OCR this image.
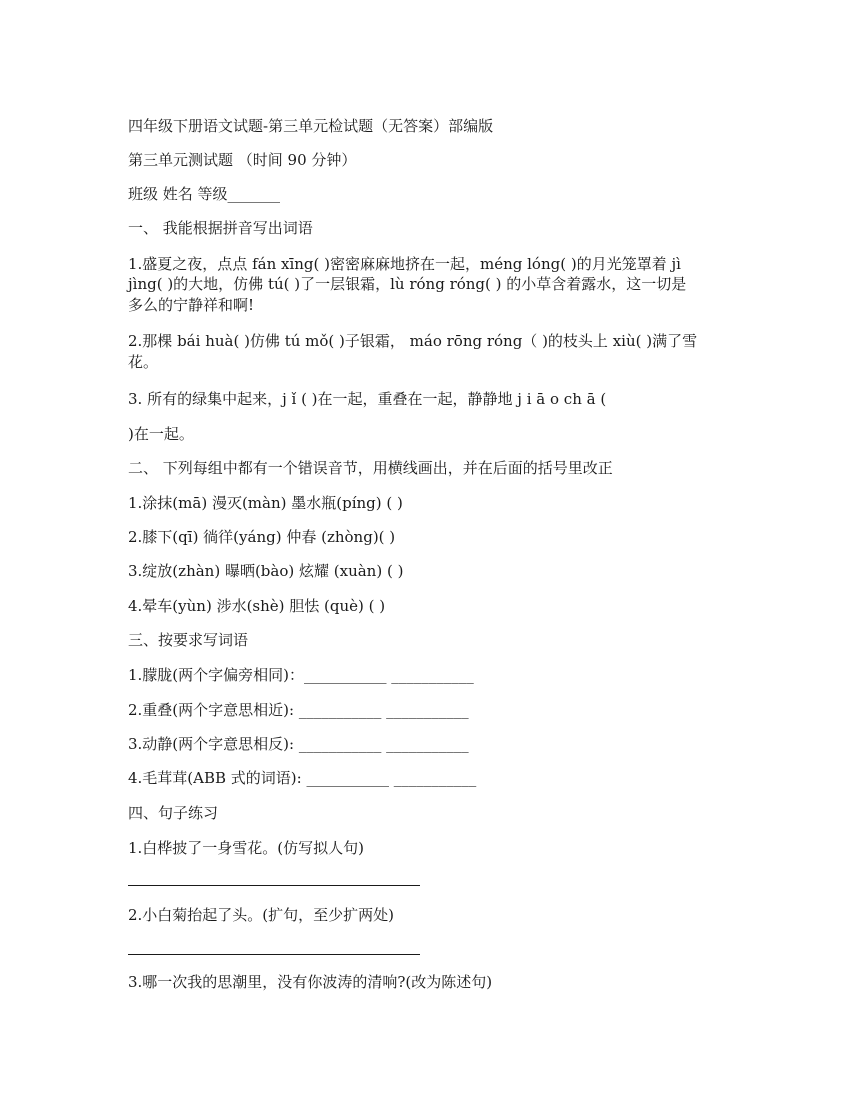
四年级下册语文试题-第三单元检试题（无答案）部编版

第三单元测试题 （时间 90 分钟）

班级 姓名 等级_______

一、 我能根据拼音写出词语

1.盛夏之夜，点点 fán xīng( )密密麻麻地挤在一起，méng lóng( )的月光笼罩着 jì

jìng( )的大地，仿佛 tú( )了一层银霜，lù róng róng( ) 的小草含着露水，这一切是

多么的宁静祥和啊!

2.那棵 bái huà( )仿佛 tú mǒ( )子银霜， máo rōng róng（ )的枝头上 xiù( )满了雪

花。

3. 所有的绿集中起来，j ǐ ( )在一起，重叠在一起，静静地 j i ā o ch ā (

)在一起。

二、 下列每组中都有一个错误音节，用横线画出，并在后面的括号里改正

1.涂抹(mā) 漫灭(màn) 墨水瓶(píng) ( )

2.膝下(qī) 徜徉(yáng) 仲春 (zhòng)( )

3.绽放(zhàn) 曝晒(bào) 炫耀 (xuàn) ( )

4.晕车(yùn) 涉水(shè) 胆怯 (què) ( )

三、按要求写词语

1.朦胧(两个字偏旁相同)：___________ ___________

2.重叠(两个字意思相近): ___________ ___________

3.动静(两个字意思相反): ___________ ___________

4.毛茸茸(ABB 式的词语): ___________ ___________

四、句子练习

1.白桦披了一身雪花。(仿写拟人句)

2.小白菊抬起了头。(扩句，至少扩两处)

3.哪一次我的思潮里，没有你波涛的清响?(改为陈述句)
